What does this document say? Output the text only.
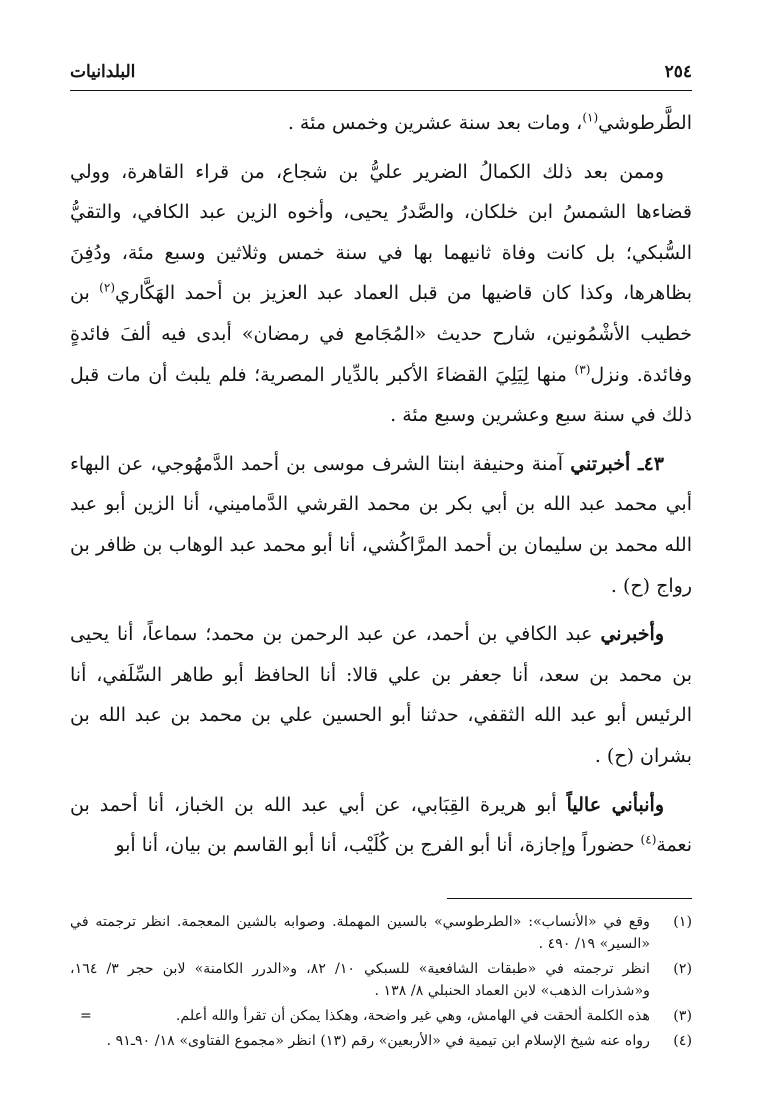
٢٥٤
البلدانيات

الطَّرطوشي$^{(١)}$، ومات بعد سنة عشرين وخمس مئة .

وممن بعد ذلك الكمالُ الضرير عليُّ بن شجاع، من قراء القاهرة، وولي قضاءها الشمسُ ابن خلكان، والصَّدرُ يحيى، وأخوه الزين عبد الكافي، والتقيُّ السُّبكي؛ بل كانت وفاة ثانيهما بها في سنة خمس وثلاثين وسبع مئة، ودُفِنَ بظاهرها، وكذا كان قاضيها من قبل العماد عبد العزيز بن أحمد الهَكَّاري$^{(٢)}$ بن خطيب الأشْمُونين، شارح حديث «المُجَامع في رمضان» أبدى فيه ألفَ فائدةٍ وفائدة. ونزل$^{(٣)}$ منها لِيَلِيَ القضاءَ الأكبر بالدِّيار المصرية؛ فلم يلبث أن مات قبل ذلك في سنة سبع وعشرين وسبع مئة .

٤٣ـ أخبرتني آمنة وحنيفة ابنتا الشرف موسى بن أحمد الدَّمهُوجي، عن البهاء أبي محمد عبد الله بن أبي بكر بن محمد القرشي الدَّماميني، أنا الزين أبو عبد الله محمد بن سليمان بن أحمد المرَّاكُشي، أنا أبو محمد عبد الوهاب بن ظافر بن رواج (ح) .

وأخبرني عبد الكافي بن أحمد، عن عبد الرحمن بن محمد؛ سماعاً، أنا يحيى بن محمد بن سعد، أنا جعفر بن علي قالا: أنا الحافظ أبو طاهر السِّلَفي، أنا الرئيس أبو عبد الله الثقفي، حدثنا أبو الحسين علي بن محمد بن عبد الله بن بشران (ح) .

وأنبأني عالياً أبو هريرة القِبَابي، عن أبي عبد الله بن الخباز، أنا أحمد بن نعمة$^{(٤)}$ حضوراً وإجازة، أنا أبو الفرج بن كُلَيْب، أنا أبو القاسم بن بيان، أنا أبو

(١)
وقع في «الأنساب»: «الطرطوسي» بالسين المهملة. وصوابه بالشين المعجمة. انظر ترجمته في «السير» ١٩/ ٤٩٠ .
(٢)
انظر ترجمته في «طبقات الشافعية» للسبكي ١٠/ ٨٢، و«الدرر الكامنة» لابن حجر ٣/ ١٦٤، و«شذرات الذهب» لابن العماد الحنبلي ٨/ ١٣٨ .
(٣)
هذه الكلمة ألحقت في الهامش، وهي غير واضحة، وهكذا يمكن أن تقرأ والله أعلم.
(٤)
رواه عنه شيخ الإسلام ابن تيمية في «الأربعين» رقم (١٣) انظر «مجموع الفتاوى» ١٨/ ٩٠ـ٩١ .
=
